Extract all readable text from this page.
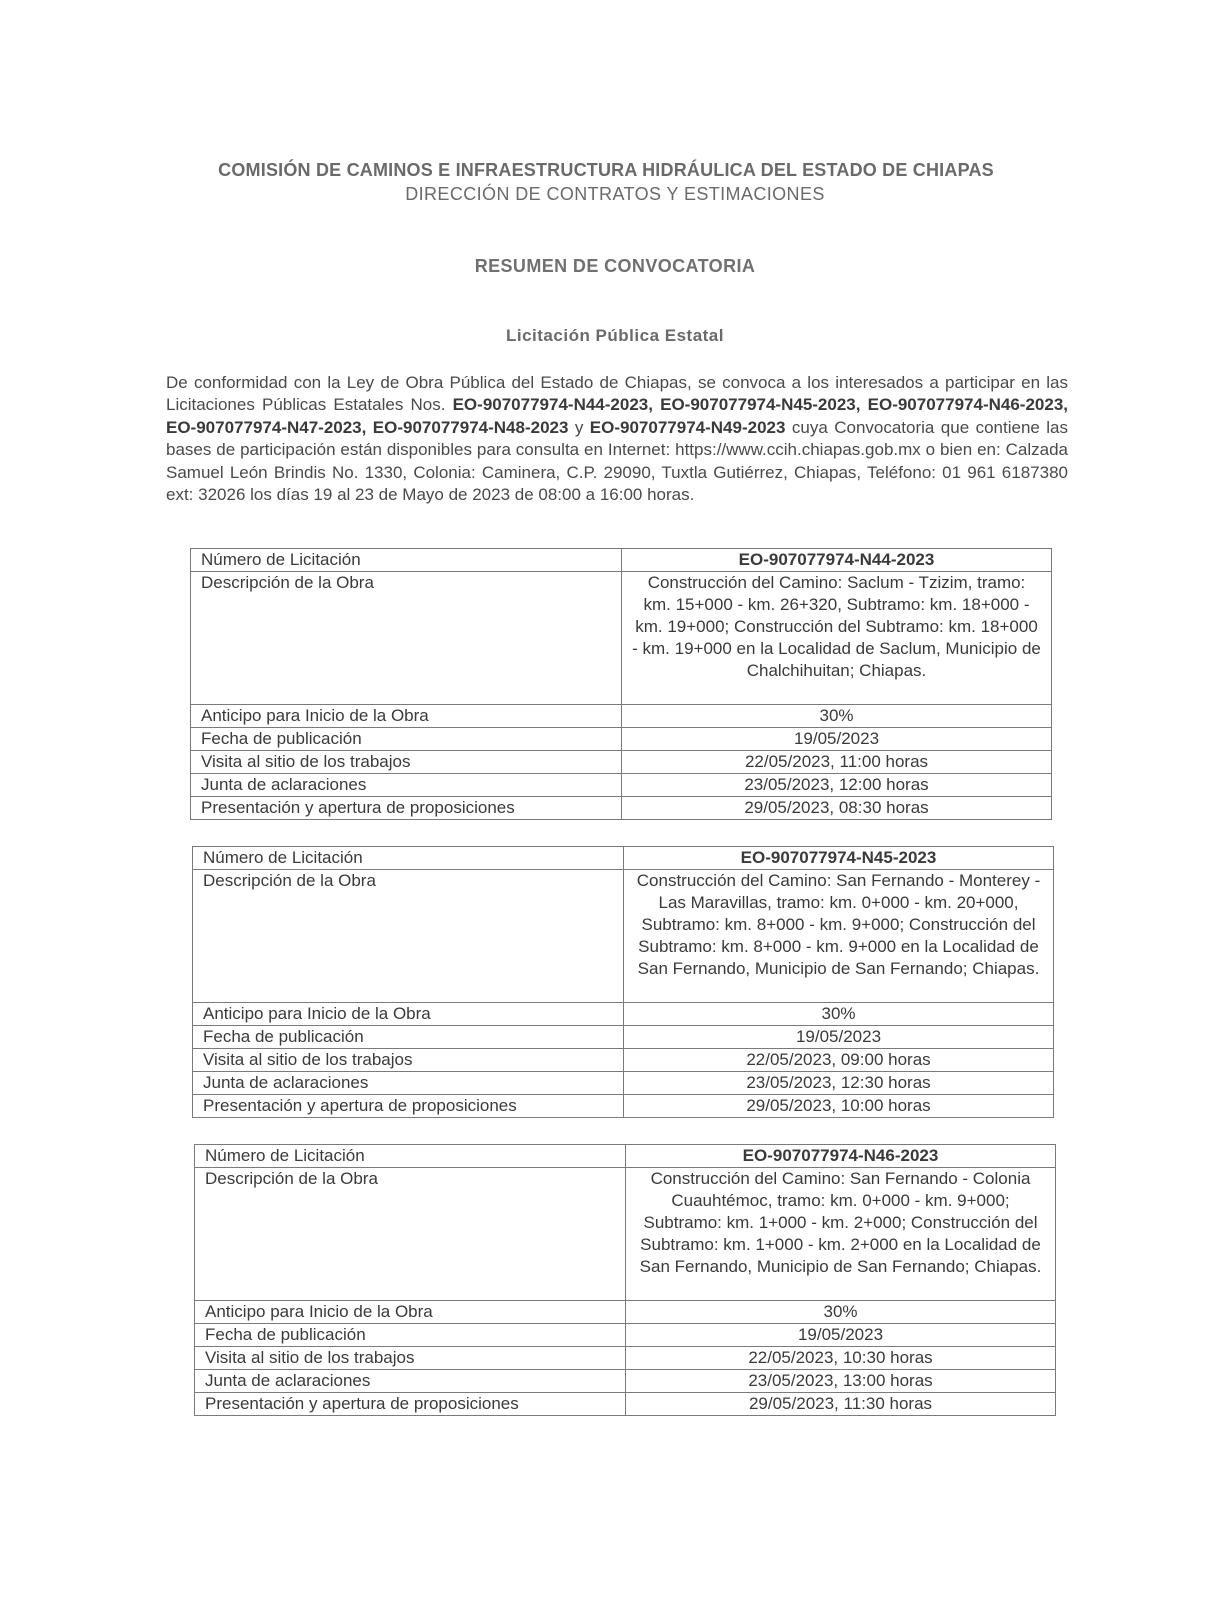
COMISIÓN DE CAMINOS E INFRAESTRUCTURA HIDRÁULICA DEL ESTADO DE CHIAPAS
DIRECCIÓN DE CONTRATOS Y ESTIMACIONES
RESUMEN DE CONVOCATORIA
Licitación Pública Estatal
De conformidad con la Ley de Obra Pública del Estado de Chiapas, se convoca a los interesados a participar en las Licitaciones Públicas Estatales Nos. EO-907077974-N44-2023, EO-907077974-N45-2023, EO-907077974-N46-2023, EO-907077974-N47-2023, EO-907077974-N48-2023 y EO-907077974-N49-2023 cuya Convocatoria que contiene las bases de participación están disponibles para consulta en Internet: https://www.ccih.chiapas.gob.mx o bien en: Calzada Samuel León Brindis No. 1330, Colonia: Caminera, C.P. 29090, Tuxtla Gutiérrez, Chiapas, Teléfono: 01 961 6187380 ext: 32026 los días 19 al 23 de Mayo de 2023 de 08:00 a 16:00 horas.
Número de Licitación	EO-907077974-N44-2023
Descripción de la Obra	Construcción del Camino: Saclum - Tzizim, tramo: km. 15+000 - km. 26+320, Subtramo: km. 18+000 - km. 19+000; Construcción del Subtramo: km. 18+000 - km. 19+000 en la Localidad de Saclum, Municipio de Chalchihuitan; Chiapas.
Anticipo para Inicio de la Obra	30%
Fecha de publicación	19/05/2023
Visita al sitio de los trabajos	22/05/2023, 11:00 horas
Junta de aclaraciones	23/05/2023, 12:00 horas
Presentación y apertura de proposiciones	29/05/2023, 08:30 horas
Número de Licitación	EO-907077974-N45-2023
Descripción de la Obra	Construcción del Camino: San Fernando - Monterey - Las Maravillas, tramo: km. 0+000 - km. 20+000, Subtramo: km. 8+000 - km. 9+000; Construcción del Subtramo: km. 8+000 - km. 9+000 en la Localidad de San Fernando, Municipio de San Fernando; Chiapas.
Anticipo para Inicio de la Obra	30%
Fecha de publicación	19/05/2023
Visita al sitio de los trabajos	22/05/2023, 09:00 horas
Junta de aclaraciones	23/05/2023, 12:30 horas
Presentación y apertura de proposiciones	29/05/2023, 10:00 horas
Número de Licitación	EO-907077974-N46-2023
Descripción de la Obra	Construcción del Camino: San Fernando - Colonia Cuauhtémoc, tramo: km. 0+000 - km. 9+000; Subtramo: km. 1+000 - km. 2+000; Construcción del Subtramo: km. 1+000 - km. 2+000 en la Localidad de San Fernando, Municipio de San Fernando; Chiapas.
Anticipo para Inicio de la Obra	30%
Fecha de publicación	19/05/2023
Visita al sitio de los trabajos	22/05/2023, 10:30 horas
Junta de aclaraciones	23/05/2023, 13:00 horas
Presentación y apertura de proposiciones	29/05/2023, 11:30 horas
